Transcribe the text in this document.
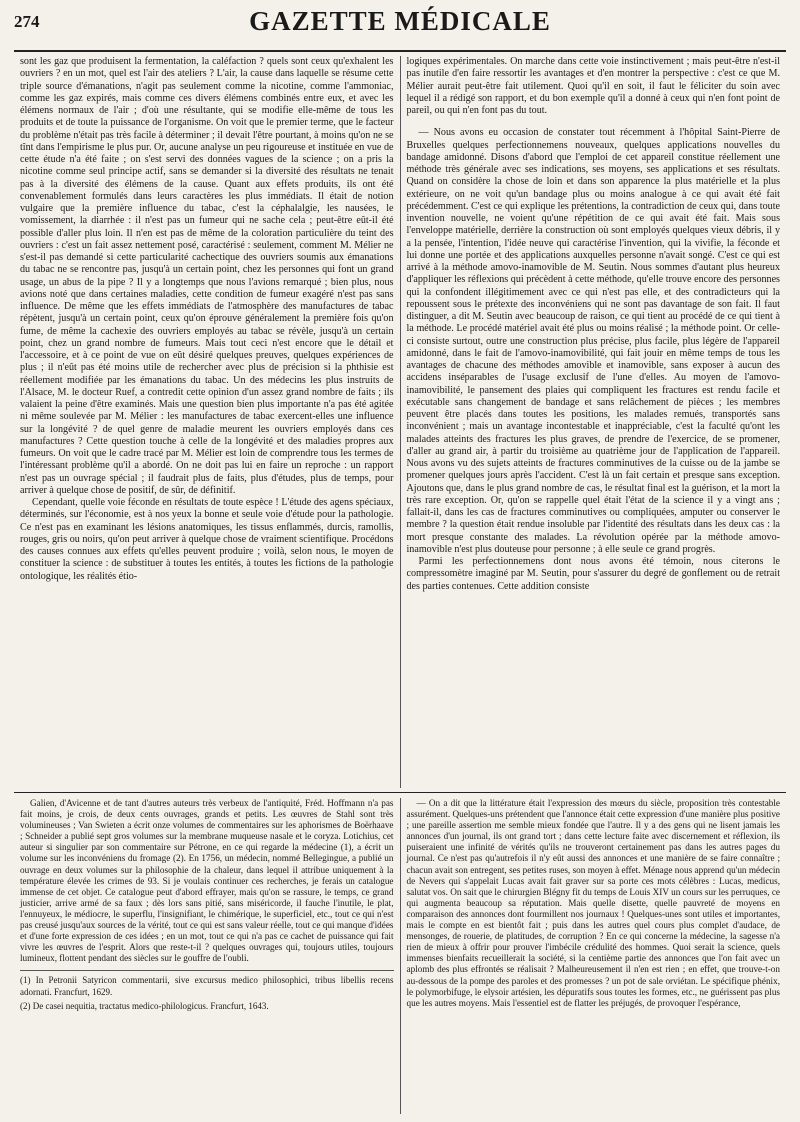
274	GAZETTE MÉDICALE

sont les gaz que produisent la fermentation, la caléfaction ? quels sont ceux qu'exhalent les ouvriers ? en un mot, quel est l'air des ateliers ? L'air, la cause dans laquelle se résume cette triple source d'émanations, n'agit pas seulement comme la nicotine, comme l'ammoniac, comme les gaz expirés, mais comme ces divers élémens combinés entre eux, et avec les élémens normaux de l'air ; d'où une résultante, qui se modifie elle-même de tous les produits et de toute la puissance de l'organisme. On voit que le premier terme, que le facteur du problème n'était pas très facile à déterminer ; il devait l'être pourtant, à moins qu'on ne se tînt dans l'empirisme le plus pur. Or, aucune analyse un peu rigoureuse et instituée en vue de cette étude n'a été faite ; on s'est servi des données vagues de la science ; on a pris la nicotine comme seul principe actif, sans se demander si la diversité des résultats ne tenait pas à la diversité des élémens de la cause. Quant aux effets produits, ils ont été convenablement formulés dans leurs caractères les plus immédiats. Il était de notion vulgaire que la première influence du tabac, c'est la céphalalgie, les nausées, le vomissement, la diarrhée : il n'est pas un fumeur qui ne sache cela ; peut-être eût-il été possible d'aller plus loin. Il n'en est pas de même de la coloration particulière du teint des ouvriers : c'est un fait assez nettement posé, caractérisé : seulement, comment M. Mélier ne s'est-il pas demandé si cette particularité cachectique des ouvriers soumis aux émanations du tabac ne se rencontre pas, jusqu'à un certain point, chez les personnes qui font un grand usage, un abus de la pipe ? Il y a longtemps que nous l'avions remarqué ; bien plus, nous avions noté que dans certaines maladies, cette condition de fumeur exagéré n'est pas sans influence. De même que les effets immédiats de l'atmosphère des manufactures de tabac répètent, jusqu'à un certain point, ceux qu'on éprouve généralement la première fois qu'on fume, de même la cachexie des ouvriers employés au tabac se révèle, jusqu'à un certain point, chez un grand nombre de fumeurs. Mais tout ceci n'est encore que le détail et l'accessoire, et à ce point de vue on eût désiré quelques preuves, quelques expériences de plus ; il n'eût pas été moins utile de rechercher avec plus de précision si la phthisie est réellement modifiée par les émanations du tabac. Un des médecins les plus instruits de l'Alsace, M. le docteur Ruef, a contredit cette opinion d'un assez grand nombre de faits ; ils valaient la peine d'être examinés. Mais une question bien plus importante n'a pas été agitée ni même soulevée par M. Mélier : les manufactures de tabac exercent-elles une influence sur la longévité ? de quel genre de maladie meurent les ouvriers employés dans ces manufactures ? Cette question touche à celle de la longévité et des maladies propres aux fumeurs. On voit que le cadre tracé par M. Mélier est loin de comprendre tous les termes de l'intéressant problème qu'il a abordé. On ne doit pas lui en faire un reproche : un rapport n'est pas un ouvrage spécial ; il faudrait plus de faits, plus d'études, plus de temps, pour arriver à quelque chose de positif, de sûr, de définitif.

Cependant, quelle voie féconde en résultats de toute espèce ! L'étude des agens spéciaux, déterminés, sur l'économie, est à nos yeux la bonne et seule voie d'étude pour la pathologie. Ce n'est pas en examinant les lésions anatomiques, les tissus enflammés, durcis, ramollis, rouges, gris ou noirs, qu'on peut arriver à quelque chose de vraiment scientifique. Procédons des causes connues aux effets qu'elles peuvent produire ; voilà, selon nous, le moyen de constituer la science : de substituer à toutes les entités, à toutes les fictions de la pathologie ontologique, les réalités étio-

logiques expérimentales. On marche dans cette voie instinctivement ; mais peut-être n'est-il pas inutile d'en faire ressortir les avantages et d'en montrer la perspective : c'est ce que M. Mélier aurait peut-être fait utilement. Quoi qu'il en soit, il faut le féliciter du soin avec lequel il a rédigé son rapport, et du bon exemple qu'il a donné à ceux qui n'en font point de pareil, ou qui n'en font pas du tout.

— Nous avons eu occasion de constater tout récemment à l'hôpital Saint-Pierre de Bruxelles quelques perfectionnemens nouveaux, quelques applications nouvelles du bandage amidonné. Disons d'abord que l'emploi de cet appareil constitue réellement une méthode très générale avec ses indications, ses moyens, ses applications et ses résultats. Quand on considère la chose de loin et dans son apparence la plus matérielle et la plus extérieure, on ne voit qu'un bandage plus ou moins analogue à ce qui avait été fait précédemment. C'est ce qui explique les prétentions, la contradiction de ceux qui, dans toute invention nouvelle, ne voient qu'une répétition de ce qui avait été fait. Mais sous l'enveloppe matérielle, derrière la construction où sont employés quelques vieux débris, il y a la pensée, l'intention, l'idée neuve qui caractérise l'invention, qui la vivifie, la féconde et lui donne une portée et des applications auxquelles personne n'avait songé. C'est ce qui est arrivé à la méthode amovo-inamovible de M. Seutin. Nous sommes d'autant plus heureux d'appliquer les réflexions qui précèdent à cette méthode, qu'elle trouve encore des personnes qui la confondent illégitimement avec ce qui n'est pas elle, et des contradicteurs qui la repoussent sous le prétexte des inconvéniens qui ne sont pas davantage de son fait. Il faut distinguer, a dit M. Seutin avec beaucoup de raison, ce qui tient au procédé de ce qui tient à la méthode. Le procédé matériel avait été plus ou moins réalisé ; la méthode point. Or celle-ci consiste surtout, outre une construction plus précise, plus facile, plus légère de l'appareil amidonné, dans le fait de l'amovo-inamovibilité, qui fait jouir en même temps de tous les avantages de chacune des méthodes amovible et inamovible, sans exposer à aucun des accidens inséparables de l'usage exclusif de l'une d'elles. Au moyen de l'amovo-inamovibilité, le pansement des plaies qui compliquent les fractures est rendu facile et exécutable sans changement de bandage et sans relâchement de pièces ; les membres peuvent être placés dans toutes les positions, les malades remués, transportés sans inconvénient ; mais un avantage incontestable et inappréciable, c'est la faculté qu'ont les malades atteints des fractures les plus graves, de prendre de l'exercice, de se promener, d'aller au grand air, à partir du troisième au quatrième jour de l'application de l'appareil. Nous avons vu des sujets atteints de fractures comminutives de la cuisse ou de la jambe se promener quelques jours après l'accident. C'est là un fait certain et presque sans exception. Ajoutons que, dans le plus grand nombre de cas, le résultat final est la guérison, et la mort la très rare exception. Or, qu'on se rappelle quel était l'état de la science il y a vingt ans ; fallait-il, dans les cas de fractures comminutives ou compliquées, amputer ou conserver le membre ? la question était rendue insoluble par l'identité des résultats dans les deux cas : la mort presque constante des malades. La révolution opérée par la méthode amovo-inamovible n'est plus douteuse pour personne ; à elle seule ce grand progrès.

Parmi les perfectionnemens dont nous avons été témoin, nous citerons le compressomètre imaginé par M. Seutin, pour s'assurer du degré de gonflement ou de retrait des parties contenues. Cette addition consiste

Galien, d'Avicenne et de tant d'autres auteurs très verbeux de l'antiquité, Fréd. Hoffmann n'a pas fait moins, je crois, de deux cents ouvrages, grands et petits. Les œuvres de Stahl sont très volumineuses ; Van Swieten a écrit onze volumes de commentaires sur les aphorismes de Boërhaave ; Schneider a publié sept gros volumes sur la membrane muqueuse nasale et le coryza. Lotichius, cet auteur si singulier par son commentaire sur Pétrone, en ce qui regarde la médecine (1), a écrit un volume sur les inconvéniens du fromage (2). En 1756, un médecin, nommé Bellegingue, a publié un ouvrage en deux volumes sur la philosophie de la chaleur, dans lequel il attribue uniquement à la température élevée les crimes de 93. Si je voulais continuer ces recherches, je ferais un catalogue immense de cet objet. Ce catalogue peut d'abord effrayer, mais qu'on se rassure, le temps, ce grand justicier, arrive armé de sa faux ; dès lors sans pitié, sans miséricorde, il fauche l'inutile, le plat, l'ennuyeux, le médiocre, le superflu, l'insignifiant, le chimérique, le superficiel, etc., tout ce qui n'est pas creusé jusqu'aux sources de la vérité, tout ce qui est sans valeur réelle, tout ce qui manque d'idées et d'une forte expression de ces idées ; en un mot, tout ce qui n'a pas ce cachet de puissance qui fait vivre les œuvres de l'esprit. Alors que reste-t-il ? quelques ouvrages qui, toujours utiles, toujours lumineux, flottent pendant des siècles sur le gouffre de l'oubli.

(1) In Petronii Satyricon commentarii, sive excursus medico philosophici, tribus libellis recens adornati. Francfurt, 1629.

(2) De casei nequitia, tractatus medico-philologicus. Francfurt, 1643.

— On a dit que la littérature était l'expression des mœurs du siècle, proposition très contestable assurément. Quelques-uns prétendent que l'annonce était cette expression d'une manière plus positive ; une pareille assertion me semble mieux fondée que l'autre. Il y a des gens qui ne lisent jamais les annonces d'un journal, ils ont grand tort ; dans cette lecture faite avec discernement et réflexion, ils puiseraient une infinité de vérités qu'ils ne trouveront certainement pas dans les autres pages du journal. Ce n'est pas qu'autrefois il n'y eût aussi des annonces et une manière de se faire connaître ; chacun avait son entregent, ses petites ruses, son moyen à effet. Ménage nous apprend qu'un médecin de Nevers qui s'appelait Lucas avait fait graver sur sa porte ces mots célèbres : Lucas, medicus, salutat vos. On sait que le chirurgien Blégny fit du temps de Louis XIV un cours sur les perruques, ce qui augmenta beaucoup sa réputation. Mais quelle disette, quelle pauvreté de moyens en comparaison des annonces dont fourmillent nos journaux ! Quelques-unes sont utiles et importantes, mais le compte en est bientôt fait ; puis dans les autres quel cours plus complet d'audace, de mensonges, de rouerie, de platitudes, de corruption ? En ce qui concerne la médecine, la sagesse n'a rien de mieux à offrir pour prouver l'imbécile crédulité des hommes. Quoi serait la science, quels immenses bienfaits recueillerait la société, si la centième partie des annonces que l'on fait avec un aplomb des plus effrontés se réalisait ? Malheureusement il n'en est rien ; en effet, que trouve-t-on au-dessous de la pompe des paroles et des promesses ? un pot de sale orviétan. Le spécifique phénix, le polymorbifuge, le elysoir artésien, les dépuratifs sous toutes les formes, etc., ne guérissent pas plus que les autres moyens. Mais l'essentiel est de flatter les préjugés, de provoquer l'espérance,
